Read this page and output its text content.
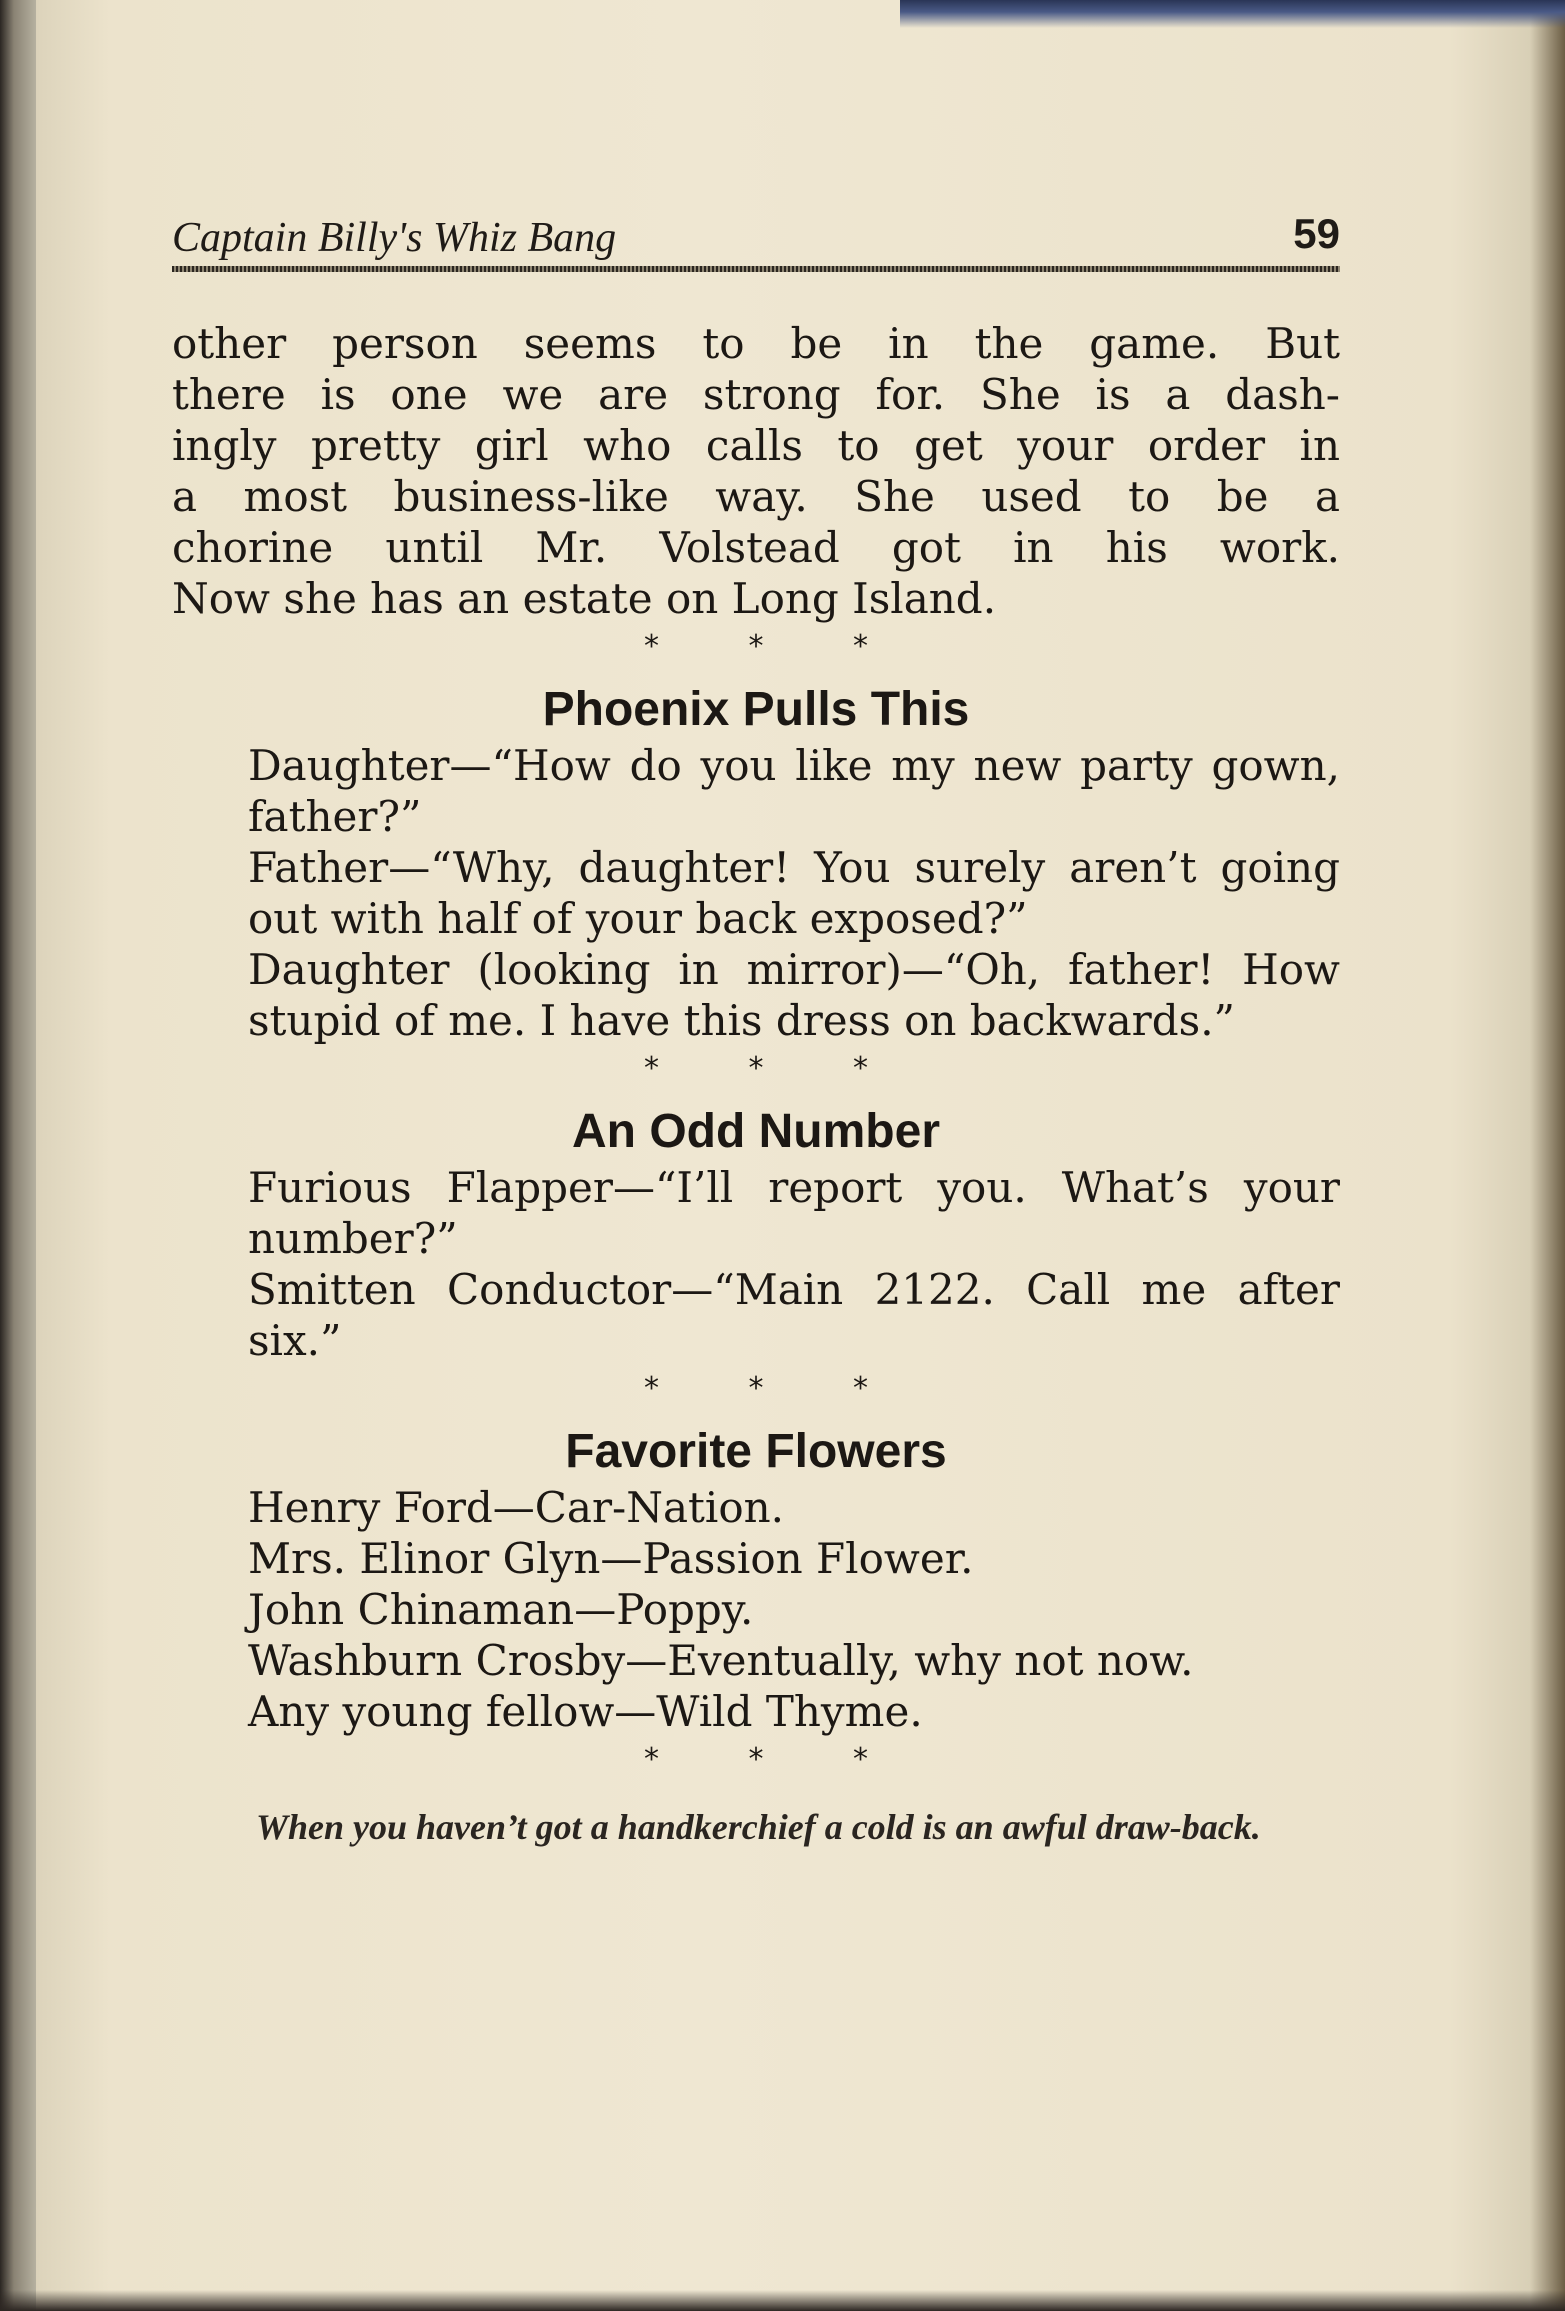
Captain Billy's Whiz Bang	59
other person seems to be in the game. But
there is one we are strong for. She is a dash-
ingly pretty girl who calls to get your order in
a most business-like way. She used to be a
chorine until Mr. Volstead got in his work.
Now she has an estate on Long Island.
* * *
Phoenix Pulls This
Daughter—“How do you like my new party gown, father?”
Father—“Why, daughter! You surely aren’t going out with half of your back exposed?”
Daughter (looking in mirror)—“Oh, father! How stupid of me. I have this dress on backwards.”
* * *
An Odd Number
Furious Flapper—“I’ll report you. What’s your number?”
Smitten Conductor—“Main 2122. Call me after six.”
* * *
Favorite Flowers
Henry Ford—Car-Nation.
Mrs. Elinor Glyn—Passion Flower.
John Chinaman—Poppy.
Washburn Crosby—Eventually, why not now.
Any young fellow—Wild Thyme.
* * *
When you haven’t got a handkerchief a cold is an awful draw-back.
